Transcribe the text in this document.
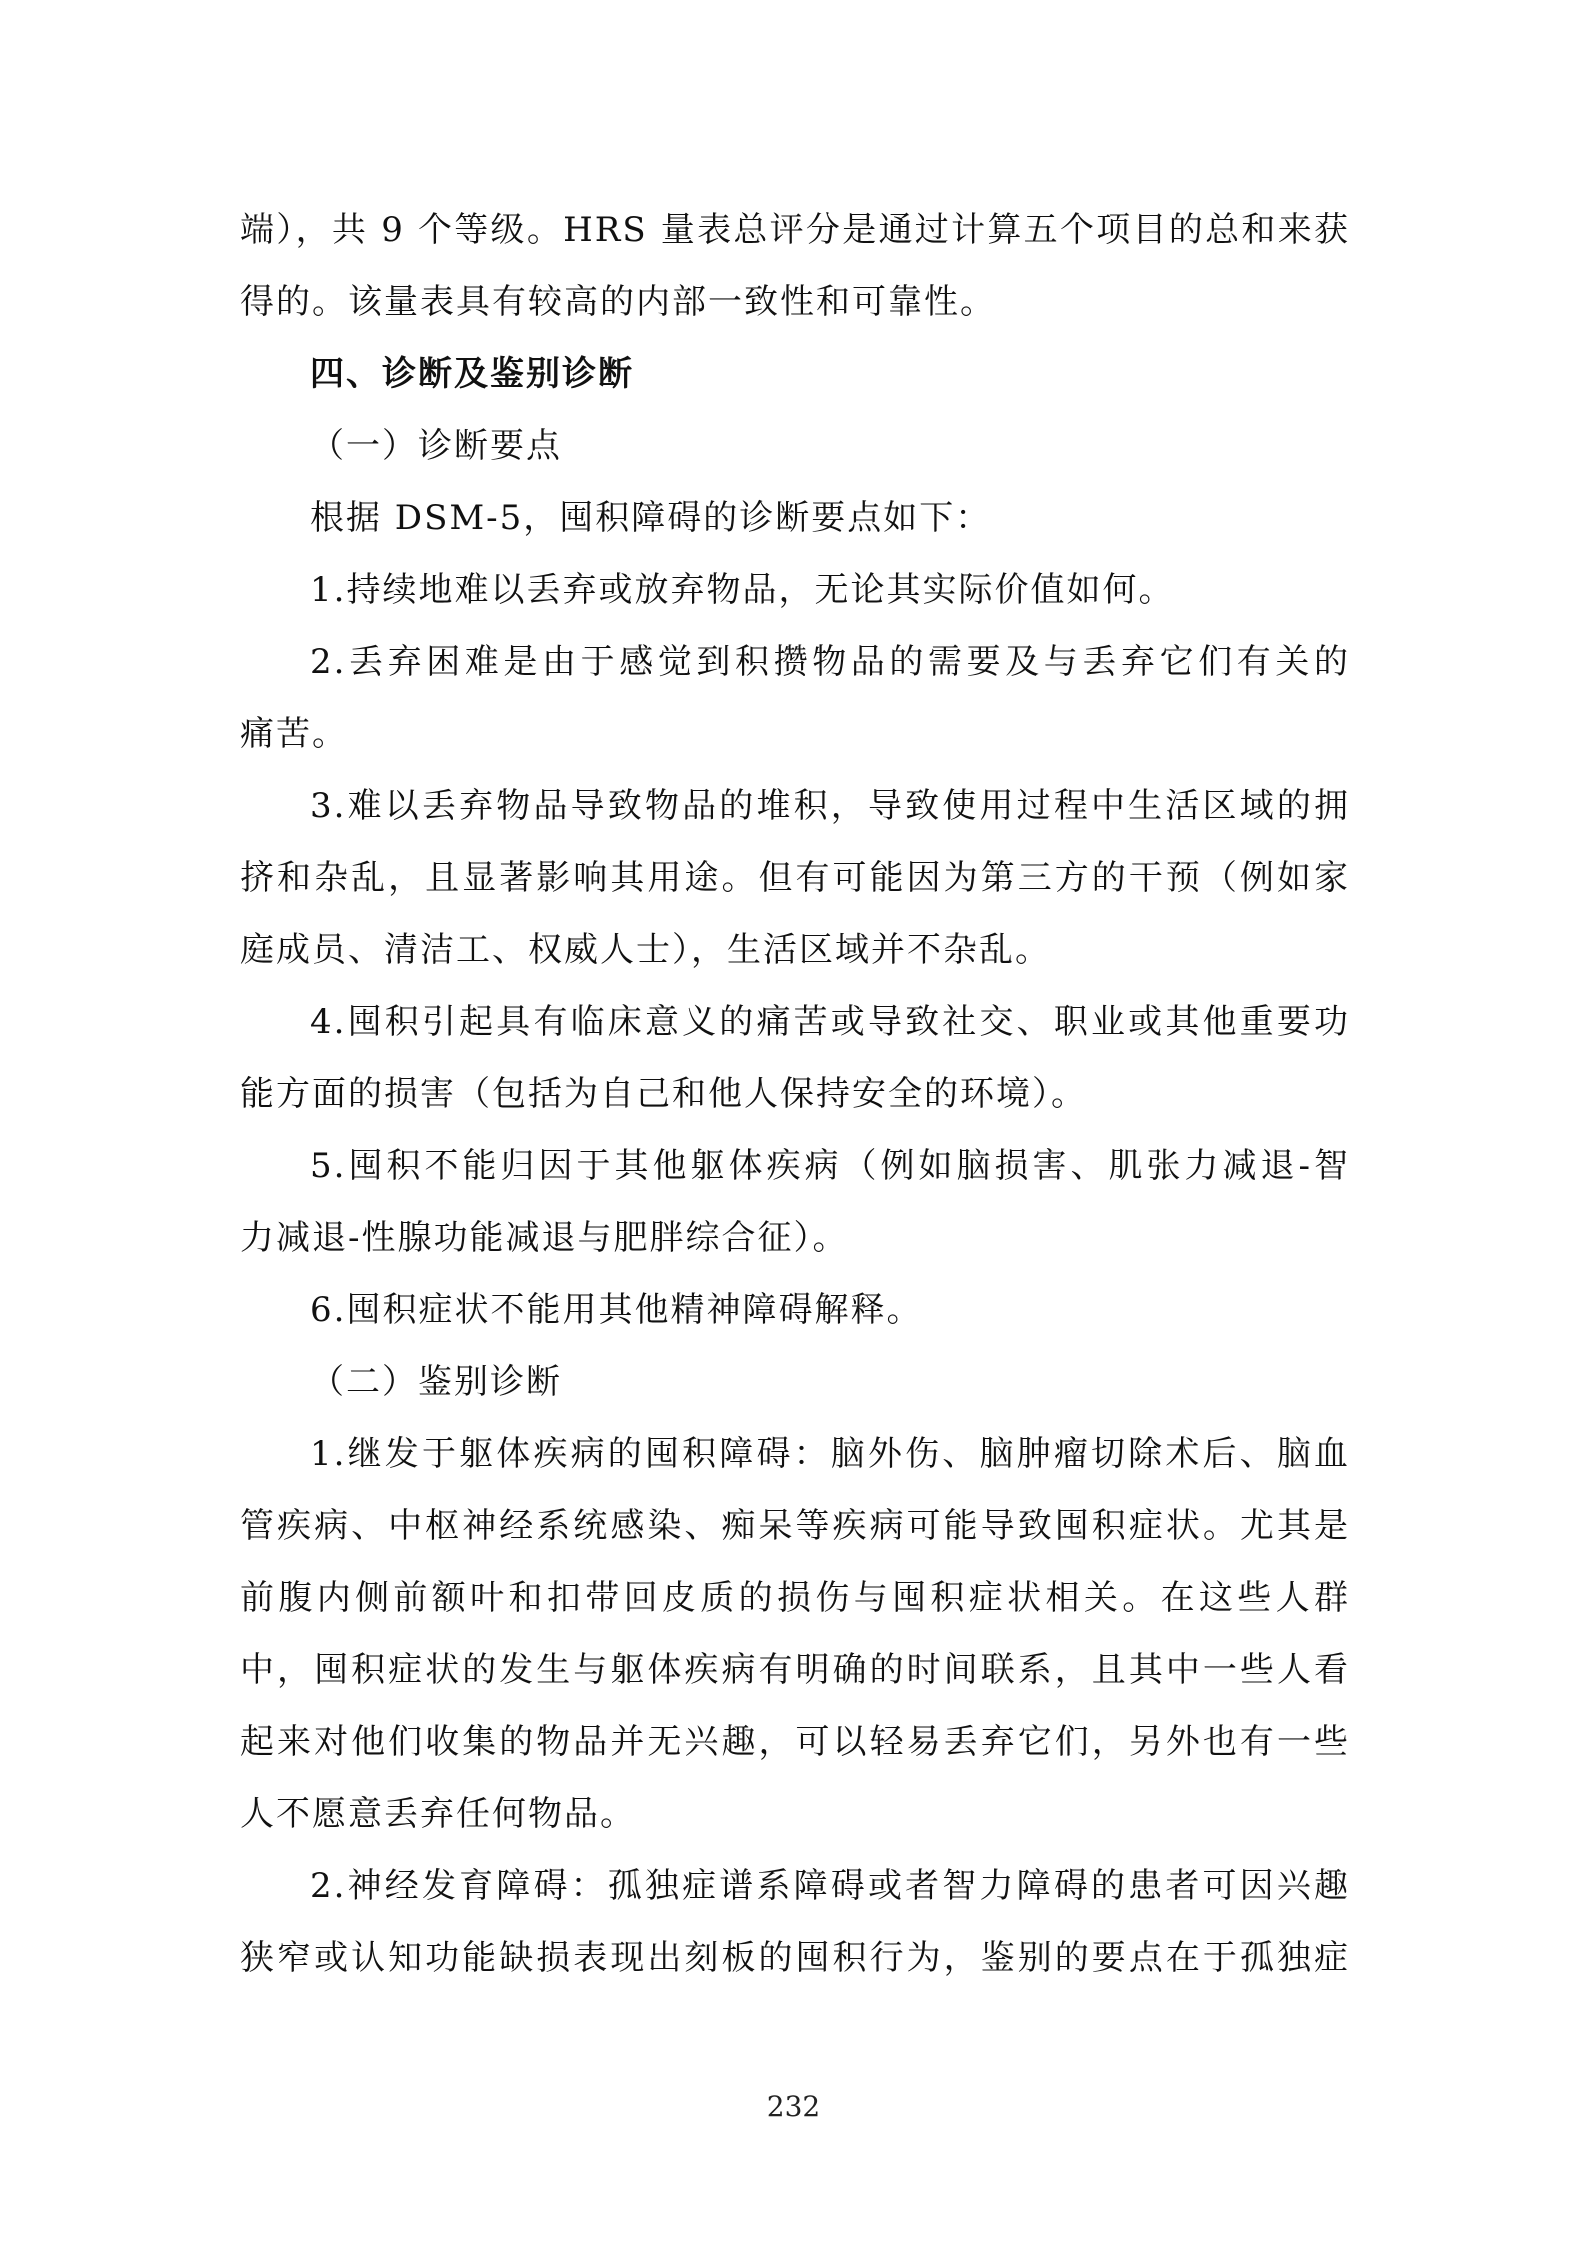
端），共 9 个等级。HRS 量表总评分是通过计算五个项目的总和来获
得的。该量表具有较高的内部一致性和可靠性。
四、诊断及鉴别诊断
（一）诊断要点
根据 DSM-5，囤积障碍的诊断要点如下：
1.持续地难以丢弃或放弃物品，无论其实际价值如何。
2.丢弃困难是由于感觉到积攒物品的需要及与丢弃它们有关的
痛苦。
3.难以丢弃物品导致物品的堆积，导致使用过程中生活区域的拥
挤和杂乱，且显著影响其用途。但有可能因为第三方的干预（例如家
庭成员、清洁工、权威人士），生活区域并不杂乱。
4.囤积引起具有临床意义的痛苦或导致社交、职业或其他重要功
能方面的损害（包括为自己和他人保持安全的环境）。
5.囤积不能归因于其他躯体疾病（例如脑损害、肌张力减退-智
力减退-性腺功能减退与肥胖综合征）。
6.囤积症状不能用其他精神障碍解释。
（二）鉴别诊断
1.继发于躯体疾病的囤积障碍：脑外伤、脑肿瘤切除术后、脑血
管疾病、中枢神经系统感染、痴呆等疾病可能导致囤积症状。尤其是
前腹内侧前额叶和扣带回皮质的损伤与囤积症状相关。在这些人群
中，囤积症状的发生与躯体疾病有明确的时间联系，且其中一些人看
起来对他们收集的物品并无兴趣，可以轻易丢弃它们，另外也有一些
人不愿意丢弃任何物品。
2.神经发育障碍：孤独症谱系障碍或者智力障碍的患者可因兴趣
狭窄或认知功能缺损表现出刻板的囤积行为，鉴别的要点在于孤独症
232
